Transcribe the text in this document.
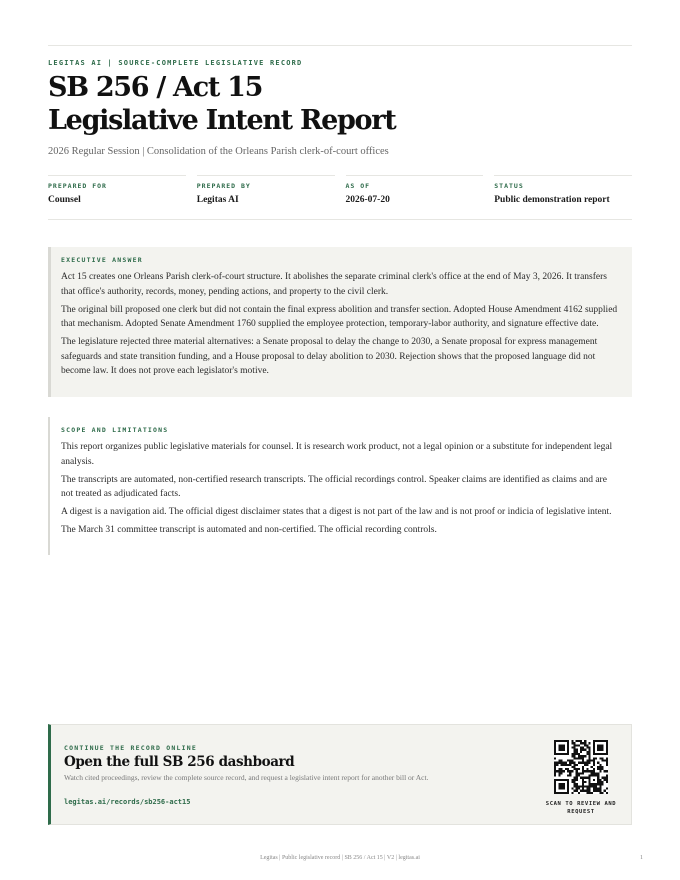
LEGITAS AI | SOURCE-COMPLETE LEGISLATIVE RECORD
SB 256 / Act 15
Legislative Intent Report
2026 Regular Session | Consolidation of the Orleans Parish clerk-of-court offices
PREPARED FOR
Counsel
PREPARED BY
Legitas AI
AS OF
2026-07-20
STATUS
Public demonstration report
EXECUTIVE ANSWER

Act 15 creates one Orleans Parish clerk-of-court structure. It abolishes the separate criminal clerk's office at the end of May 3, 2026. It transfers that office's authority, records, money, pending actions, and property to the civil clerk.

The original bill proposed one clerk but did not contain the final express abolition and transfer section. Adopted House Amendment 4162 supplied that mechanism. Adopted Senate Amendment 1760 supplied the employee protection, temporary-labor authority, and signature effective date.

The legislature rejected three material alternatives: a Senate proposal to delay the change to 2030, a Senate proposal for express management safeguards and state transition funding, and a House proposal to delay abolition to 2030. Rejection shows that the proposed language did not become law. It does not prove each legislator's motive.

SCOPE AND LIMITATIONS

This report organizes public legislative materials for counsel. It is research work product, not a legal opinion or a substitute for independent legal analysis.

The transcripts are automated, non-certified research transcripts. The official recordings control. Speaker claims are identified as claims and are not treated as adjudicated facts.

A digest is a navigation aid. The official digest disclaimer states that a digest is not part of the law and is not proof or indicia of legislative intent.

The March 31 committee transcript is automated and non-certified. The official recording controls.

CONTINUE THE RECORD ONLINE
Open the full SB 256 dashboard
Watch cited proceedings, review the complete source record, and request a legislative intent report for another bill or Act.
legitas.ai/records/sb256-act15	SCAN TO REVIEW AND
REQUEST
Legitas | Public legislative record | SB 256 / Act 15 | V2 | legitas.ai	1
